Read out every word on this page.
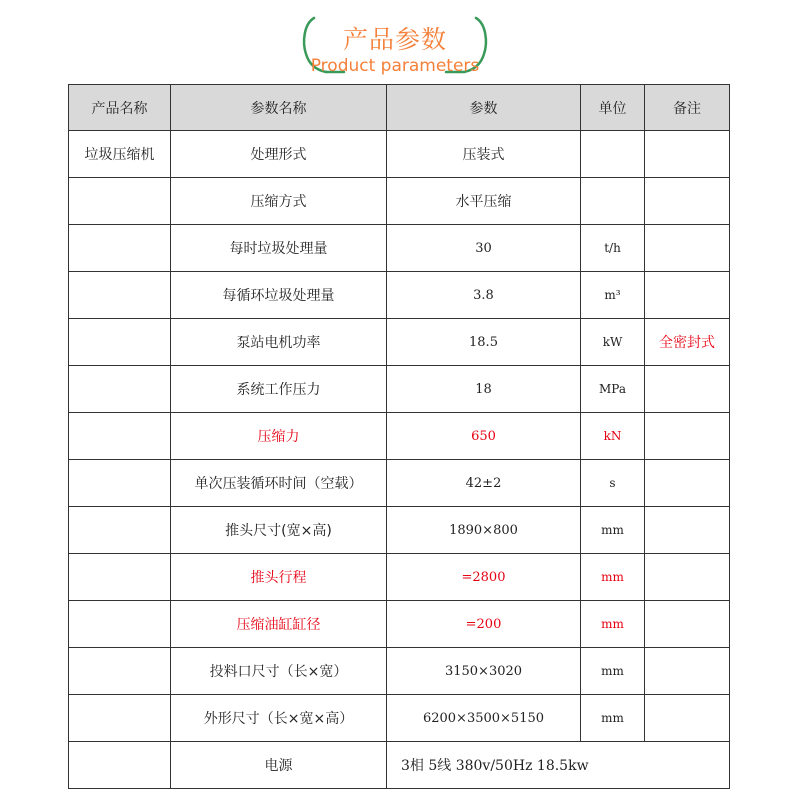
产品参数
Product parameters
产品名称	参数名称	参数	单位	备注
垃圾压缩机	处理形式	压装式		
	压缩方式	水平压缩		
	每时垃圾处理量	30	t/h	
	每循环垃圾处理量	3.8	m³	
	泵站电机功率	18.5	kW	全密封式
	系统工作压力	18	MPa	
	压缩力	650	kN	
	单次压装循环时间（空载）	42±2	s	
	推头尺寸(宽×高)	1890×800	mm	
	推头行程	=2800	mm	
	压缩油缸缸径	=200	mm	
	投料口尺寸（长×宽）	3150×3020	mm	
	外形尺寸（长×宽×高）	6200×3500×5150	mm	
	电源	3相 5线 380v/50Hz 18.5kw		
